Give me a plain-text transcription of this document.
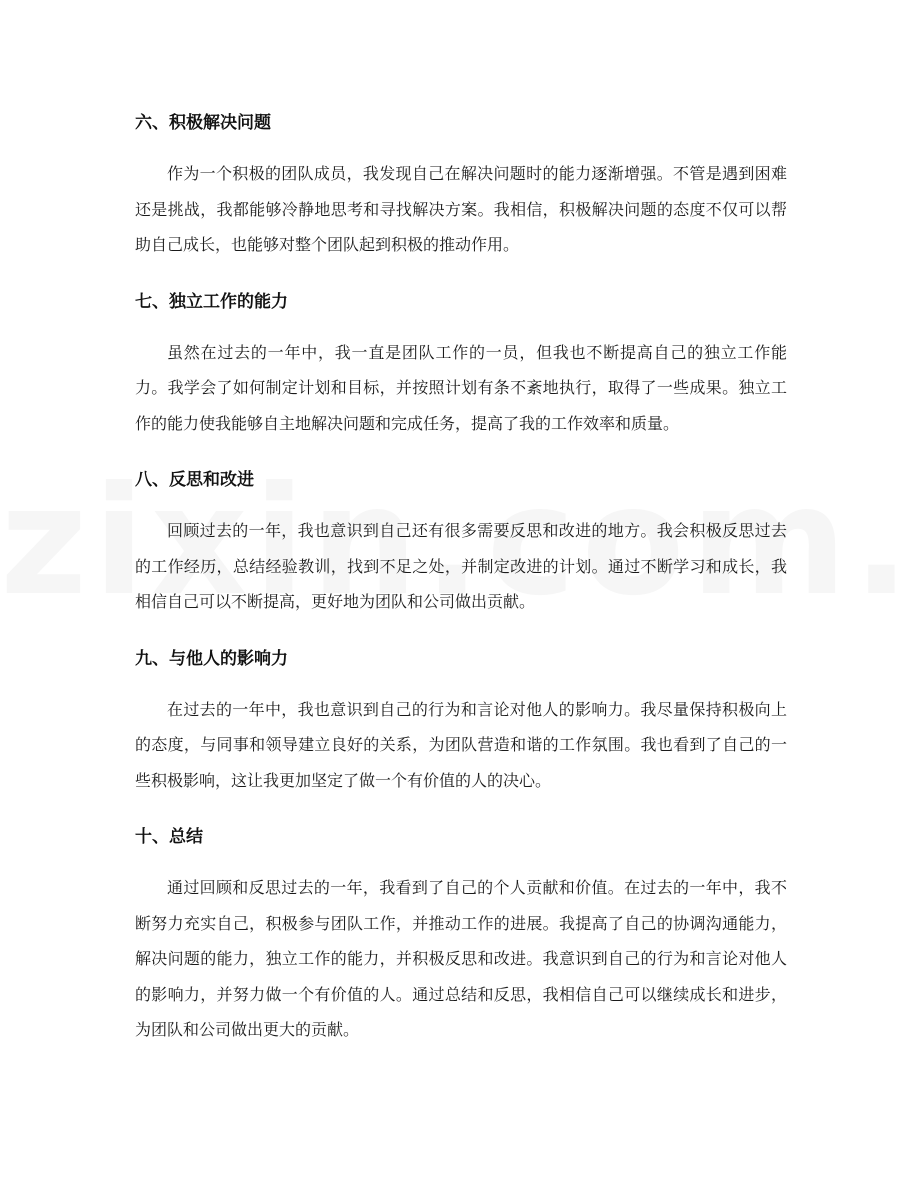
六、积极解决问题

作为一个积极的团队成员，我发现自己在解决问题时的能力逐渐增强。不管是遇到困难还是挑战，我都能够冷静地思考和寻找解决方案。我相信，积极解决问题的态度不仅可以帮助自己成长，也能够对整个团队起到积极的推动作用。

七、独立工作的能力

虽然在过去的一年中，我一直是团队工作的一员，但我也不断提高自己的独立工作能力。我学会了如何制定计划和目标，并按照计划有条不紊地执行，取得了一些成果。独立工作的能力使我能够自主地解决问题和完成任务，提高了我的工作效率和质量。

八、反思和改进

回顾过去的一年，我也意识到自己还有很多需要反思和改进的地方。我会积极反思过去的工作经历，总结经验教训，找到不足之处，并制定改进的计划。通过不断学习和成长，我相信自己可以不断提高，更好地为团队和公司做出贡献。

九、与他人的影响力

在过去的一年中，我也意识到自己的行为和言论对他人的影响力。我尽量保持积极向上的态度，与同事和领导建立良好的关系，为团队营造和谐的工作氛围。我也看到了自己的一些积极影响，这让我更加坚定了做一个有价值的人的决心。

十、总结

通过回顾和反思过去的一年，我看到了自己的个人贡献和价值。在过去的一年中，我不断努力充实自己，积极参与团队工作，并推动工作的进展。我提高了自己的协调沟通能力，解决问题的能力，独立工作的能力，并积极反思和改进。我意识到自己的行为和言论对他人的影响力，并努力做一个有价值的人。通过总结和反思，我相信自己可以继续成长和进步，为团队和公司做出更大的贡献。
